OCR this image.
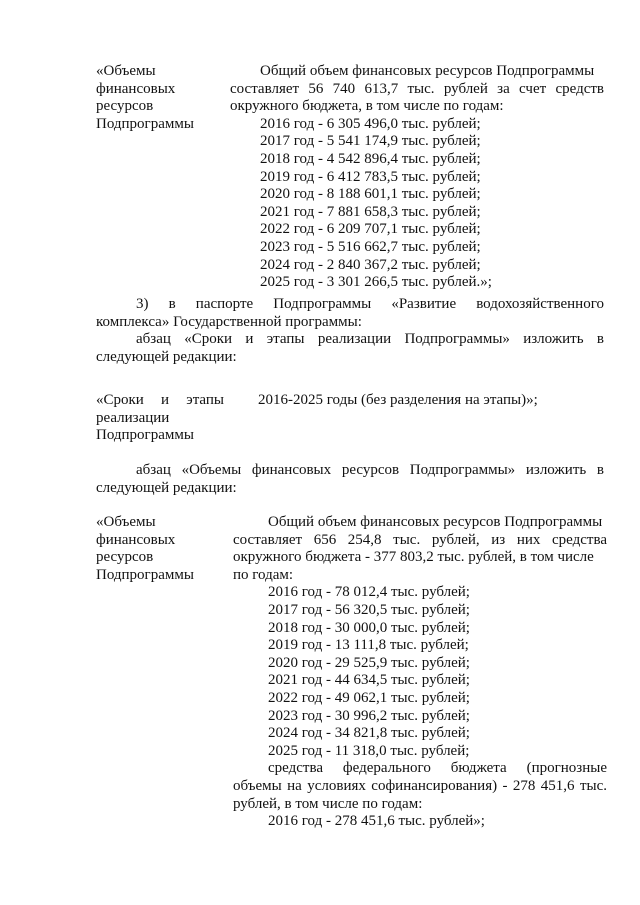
«Объемы
финансовых
ресурсов
Подпрограммы
Общий объем финансовых ресурсов Подпрограммы
составляет 56 740 613,7 тыс. рублей за счет средств
окружного бюджета, в том числе по годам:
2016 год - 6 305 496,0 тыс. рублей;
2017 год - 5 541 174,9 тыс. рублей;
2018 год - 4 542 896,4 тыс. рублей;
2019 год - 6 412 783,5 тыс. рублей;
2020 год - 8 188 601,1 тыс. рублей;
2021 год - 7 881 658,3 тыс. рублей;
2022 год - 6 209 707,1 тыс. рублей;
2023 год - 5 516 662,7 тыс. рублей;
2024 год - 2 840 367,2 тыс. рублей;
2025 год - 3 301 266,5 тыс. рублей.»;
3) в паспорте Подпрограммы «Развитие водохозяйственного
комплекса» Государственной программы:
абзац «Сроки и этапы реализации Подпрограммы» изложить в
следующей редакции:
«Сроки и этапы
реализации
Подпрограммы
2016-2025 годы (без разделения на этапы)»;
абзац «Объемы финансовых ресурсов Подпрограммы» изложить в
следующей редакции:
«Объемы
финансовых
ресурсов
Подпрограммы
Общий объем финансовых ресурсов Подпрограммы
составляет 656 254,8 тыс. рублей, из них средства
окружного бюджета - 377 803,2 тыс. рублей, в том числе
по годам:
2016 год - 78 012,4 тыс. рублей;
2017 год - 56 320,5 тыс. рублей;
2018 год - 30 000,0 тыс. рублей;
2019 год - 13 111,8 тыс. рублей;
2020 год - 29 525,9 тыс. рублей;
2021 год - 44 634,5 тыс. рублей;
2022 год - 49 062,1 тыс. рублей;
2023 год - 30 996,2 тыс. рублей;
2024 год - 34 821,8 тыс. рублей;
2025 год - 11 318,0 тыс. рублей;
средства федерального бюджета (прогнозные
объемы на условиях софинансирования) - 278 451,6 тыс.
рублей, в том числе по годам:
2016 год - 278 451,6 тыс. рублей»;
